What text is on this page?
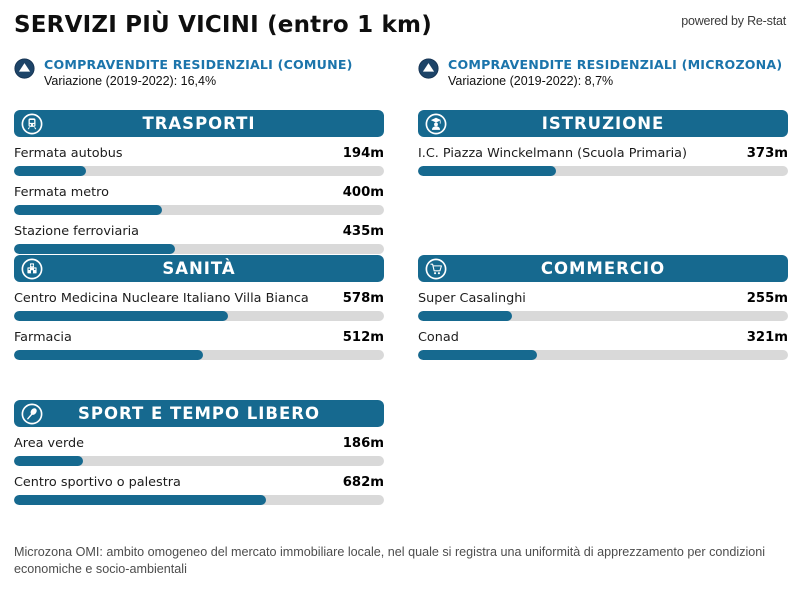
SERVIZI PIÙ VICINI (entro 1 km)	powered by Re-stat
COMPRAVENDITE RESIDENZIALI (COMUNE)
Variazione (2019-2022): 16,4%
COMPRAVENDITE RESIDENZIALI (MICROZONA)
Variazione (2019-2022): 8,7%
TRASPORTI
Fermata autobus	194m
Fermata metro	400m
Stazione ferroviaria	435m
ISTRUZIONE
I.C. Piazza Winckelmann (Scuola Primaria)	373m
SANITÀ
Centro Medicina Nucleare Italiano Villa Bianca	578m
Farmacia	512m
COMMERCIO
Super Casalinghi	255m
Conad	321m
SPORT E TEMPO LIBERO
Area verde	186m
Centro sportivo o palestra	682m
Microzona OMI: ambito omogeneo del mercato immobiliare locale, nel quale si registra una uniformità di apprezzamento per condizioni economiche e socio-ambientali
